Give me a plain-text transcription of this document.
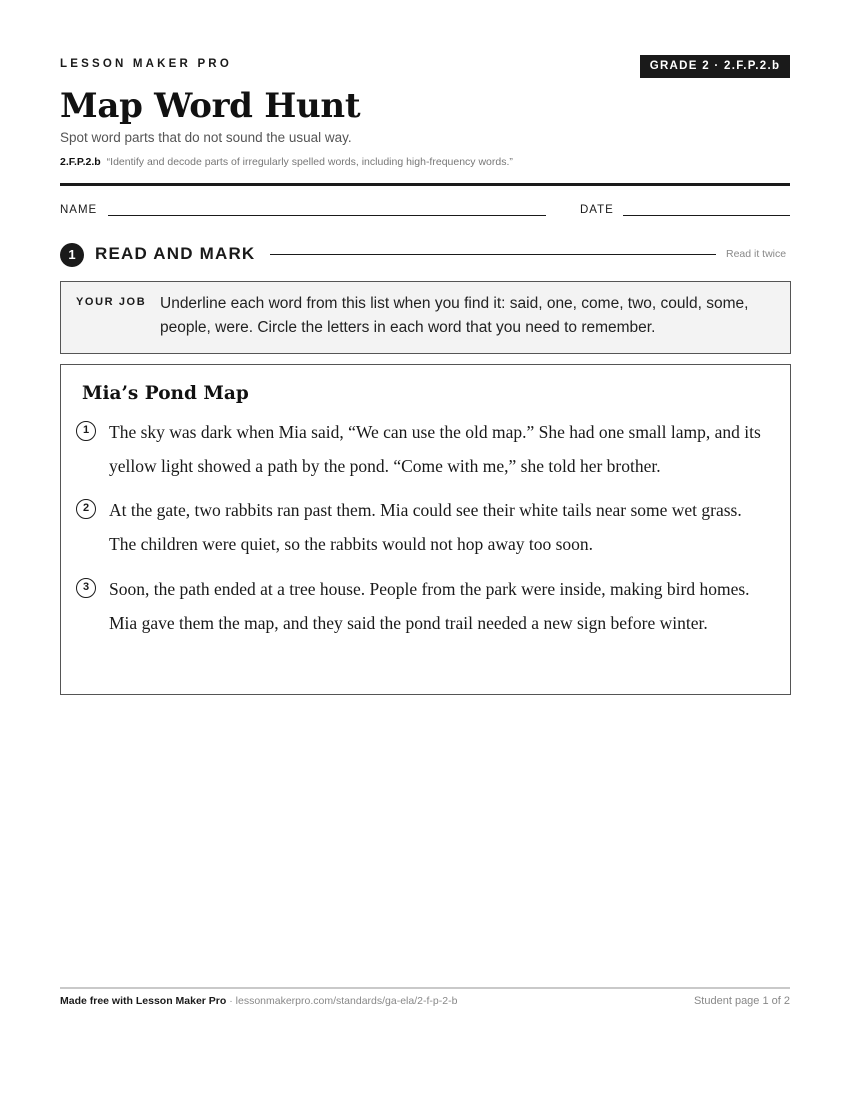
LESSON MAKER PRO	GRADE 2 · 2.F.P.2.b
Map Word Hunt
Spot word parts that do not sound the usual way.
2.F.P.2.b “Identify and decode parts of irregularly spelled words, including high-frequency words.”
NAME	DATE
1	READ AND MARK	Read it twice
YOUR JOB Underline each word from this list when you find it: said, one, come, two, could, some, people, were. Circle the letters in each word that you need to remember.
Mia’s Pond Map
1	The sky was dark when Mia said, “We can use the old map.” She had one small lamp, and its yellow light showed a path by the pond. “Come with me,” she told her brother.
2	At the gate, two rabbits ran past them. Mia could see their white tails near some wet grass. The children were quiet, so the rabbits would not hop away too soon.
3	Soon, the path ended at a tree house. People from the park were inside, making bird homes. Mia gave them the map, and they said the pond trail needed a new sign before winter.
Made free with Lesson Maker Pro · lessonmakerpro.com/standards/ga-ela/2-f-p-2-b	Student page 1 of 2
